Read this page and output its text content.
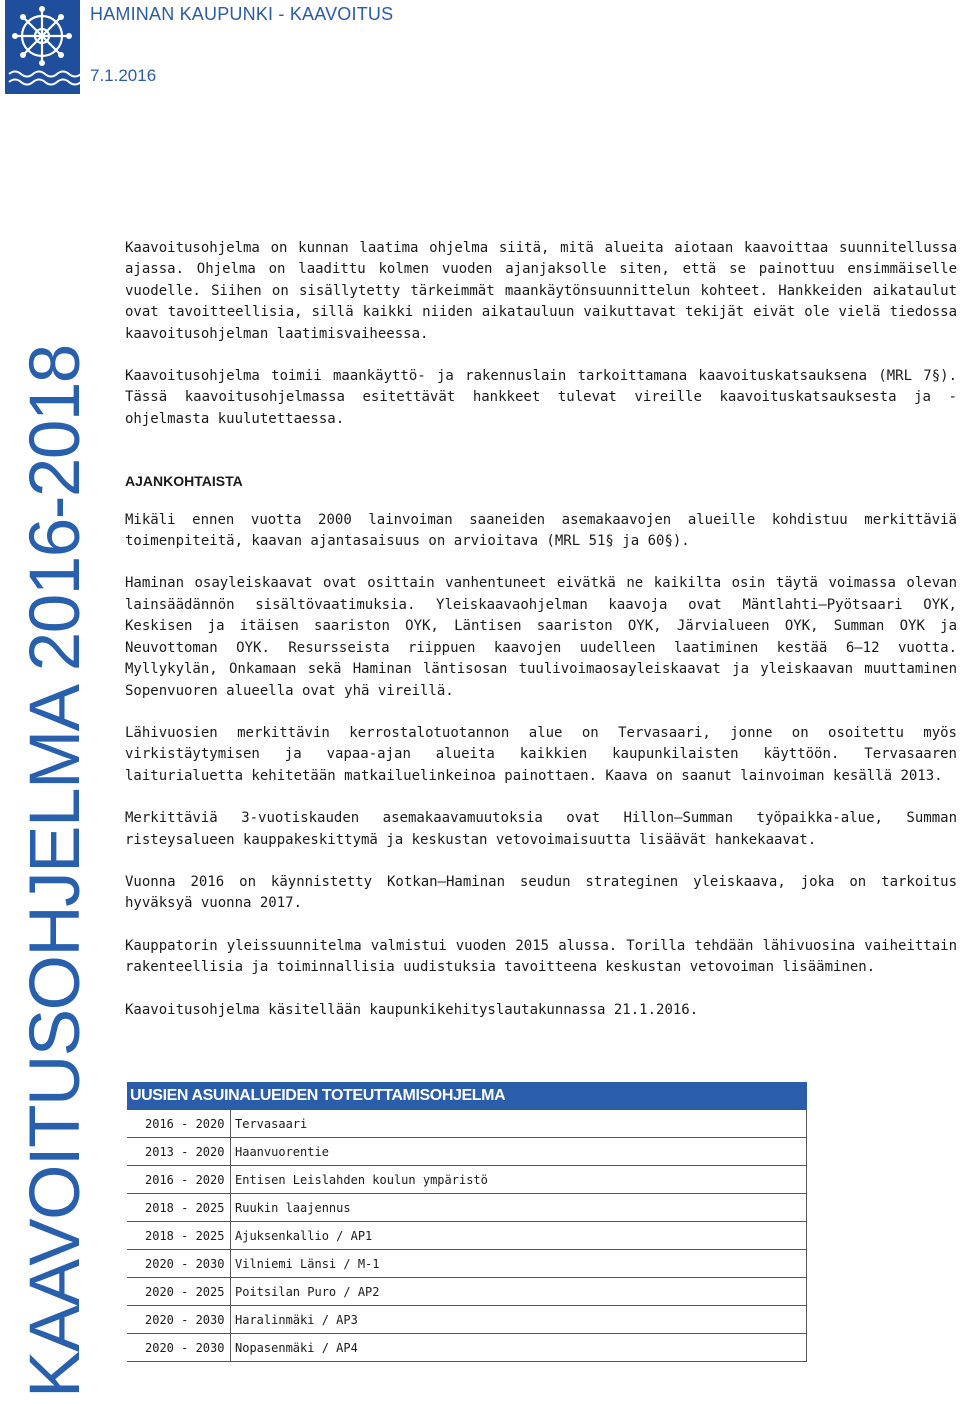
HAMINAN KAUPUNKI - KAAVOITUS
7.1.2016
KAAVOITUSOHJELMA 2016-2018

Kaavoitusohjelma on kunnan laatima ohjelma siitä, mitä alueita aiotaan kaavoittaa suunnitellussa ajassa. Ohjelma on laadittu kolmen vuoden ajanjaksolle siten, että se painottuu ensimmäiselle vuodelle. Siihen on sisällytetty tärkeimmät maankäytönsuunnittelun kohteet. Hankkeiden aikataulut ovat tavoitteellisia, sillä kaikki niiden aikatauluun vaikuttavat tekijät eivät ole vielä tiedossa kaavoitusohjelman laatimisvaiheessa.

Kaavoitusohjelma toimii maankäyttö- ja rakennuslain tarkoittamana kaavoituskatsauksena (MRL 7§). Tässä kaavoitusohjelmassa esitettävät hankkeet tulevat vireille kaavoituskatsauksesta ja -ohjelmasta kuulutettaessa.

AJANKOHTAISTA

Mikäli ennen vuotta 2000 lainvoiman saaneiden asemakaavojen alueille kohdistuu merkittäviä toimenpiteitä, kaavan ajantasaisuus on arvioitava (MRL 51§ ja 60§).

Haminan osayleiskaavat ovat osittain vanhentuneet eivätkä ne kaikilta osin täytä voimassa olevan lainsäädännön sisältövaatimuksia. Yleiskaavaohjelman kaavoja ovat Mäntlahti–Pyötsaari OYK, Keskisen ja itäisen saariston OYK, Läntisen saariston OYK, Järvialueen OYK, Summan OYK ja Neuvottoman OYK. Resursseista riippuen kaavojen uudelleen laatiminen kestää 6–12 vuotta. Myllykylän, Onkamaan sekä Haminan läntisosan tuulivoimaosayleiskaavat ja yleiskaavan muuttaminen Sopenvuoren alueella ovat yhä vireillä.

Lähivuosien merkittävin kerrostalotuotannon alue on Tervasaari, jonne on osoitettu myös virkistäytymisen ja vapaa-ajan alueita kaikkien kaupunkilaisten käyttöön. Tervasaaren laiturialuetta kehitetään matkailuelinkeinoa painottaen. Kaava on saanut lainvoiman kesällä 2013.

Merkittäviä 3-vuotiskauden asemakaavamuutoksia ovat Hillon–Summan työpaikka-alue, Summan risteysalueen kauppakeskittymä ja keskustan vetovoimaisuutta lisäävät hankekaavat.

Vuonna 2016 on käynnistetty Kotkan–Haminan seudun strateginen yleiskaava, joka on tarkoitus hyväksyä vuonna 2017.

Kauppatorin yleissuunnitelma valmistui vuoden 2015 alussa. Torilla tehdään lähivuosina vaiheittain rakenteellisia ja toiminnallisia uudistuksia tavoitteena keskustan vetovoiman lisääminen.

Kaavoitusohjelma käsitellään kaupunkikehityslautakunnassa 21.1.2016.

UUSIEN ASUINALUEIDEN TOTEUTTAMISOHJELMA
2016 - 2020	Tervasaari
2013 - 2020	Haanvuorentie
2016 - 2020	Entisen Leislahden koulun ympäristö
2018 - 2025	Ruukin laajennus
2018 - 2025	Ajuksenkallio / AP1
2020 - 2030	Vilniemi Länsi / M-1
2020 - 2025	Poitsilan Puro / AP2
2020 - 2030	Haralinmäki / AP3
2020 - 2030	Nopasenmäki / AP4
